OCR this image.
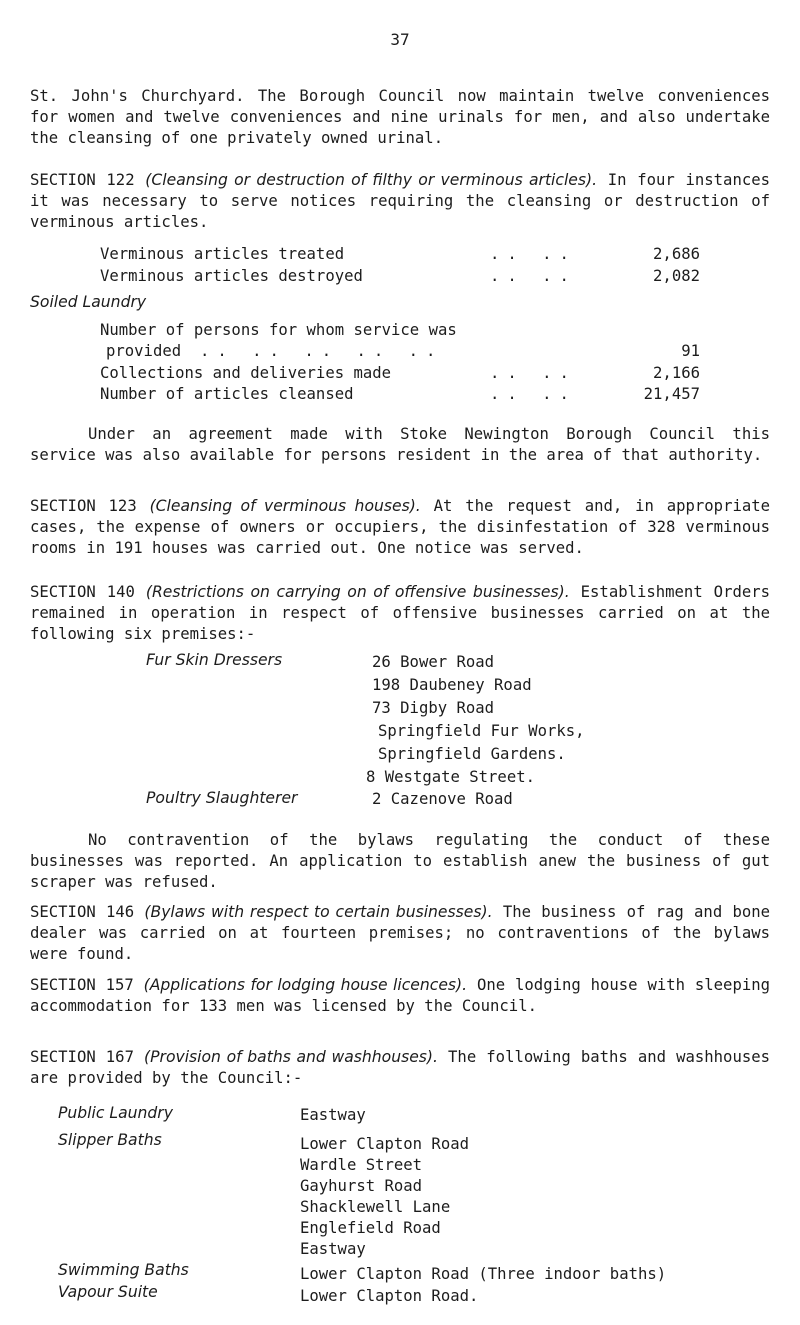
37

St. John's Churchyard. The Borough Council now maintain twelve conveniences for women and twelve conveniences and nine urinals for men, and also undertake the cleansing of one privately owned urinal.

SECTION 122 (Cleansing or destruction of filthy or verminous articles). In four instances it was necessary to serve notices requiring the cleansing or destruction of verminous articles.

Verminous articles treated	.. ..	2,686
Verminous articles destroyed	.. ..	2,082
Soiled Laundry
Number of persons for whom service was
provided .. .. .. .. ..	91
Collections and deliveries made	.. ..	2,166
Number of articles cleansed	.. ..	21,457

Under an agreement made with Stoke Newington Borough Council this service was also available for persons resident in the area of that authority.

SECTION 123 (Cleansing of verminous houses). At the request and, in appropriate cases, the expense of owners or occupiers, the disinfestation of 328 verminous rooms in 191 houses was carried out. One notice was served.

SECTION 140 (Restrictions on carrying on of offensive businesses). Establishment Orders remained in operation in respect of offensive businesses carried on at the following six premises:-

Fur Skin Dressers	26 Bower Road
198 Daubeney Road
73 Digby Road
Springfield Fur Works,
Springfield Gardens.
8 Westgate Street.
Poultry Slaughterer	2 Cazenove Road

No contravention of the bylaws regulating the conduct of these businesses was reported. An application to establish anew the business of gut scraper was refused.

SECTION 146 (Bylaws with respect to certain businesses). The business of rag and bone dealer was carried on at fourteen premises; no contraventions of the bylaws were found.

SECTION 157 (Applications for lodging house licences). One lodging house with sleeping accommodation for 133 men was licensed by the Council.

SECTION 167 (Provision of baths and washhouses). The following baths and washhouses are provided by the Council:-

Public Laundry	Eastway
Slipper Baths	Lower Clapton Road
Wardle Street
Gayhurst Road
Shacklewell Lane
Englefield Road
Eastway
Swimming Baths	Lower Clapton Road (Three indoor baths)
Vapour Suite	Lower Clapton Road.
